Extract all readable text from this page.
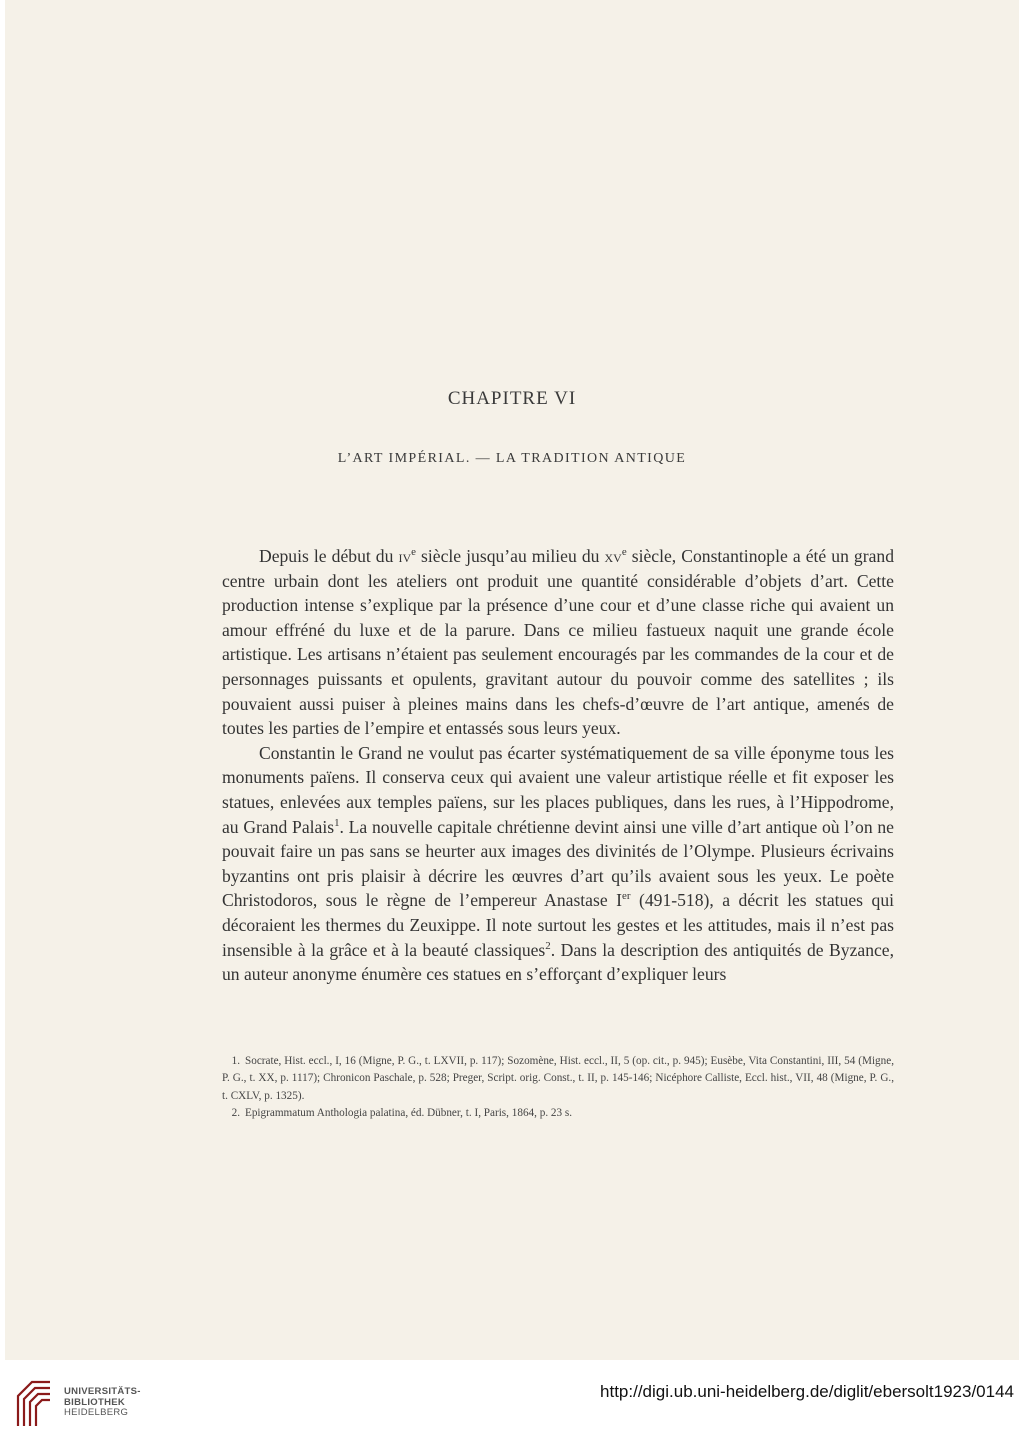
CHAPITRE VI
L’ART IMPÉRIAL. — LA TRADITION ANTIQUE

Depuis le début du $iv^e$ siècle jusqu’au milieu du $xv^e$ siècle, Constantinople a été un grand centre urbain dont les ateliers ont produit une quantité considérable d’objets d’art. Cette production intense s’explique par la présence d’une cour et d’une classe riche qui avaient un amour effréné du luxe et de la parure. Dans ce milieu fastueux naquit une grande école artistique. Les artisans n’étaient pas seulement encouragés par les commandes de la cour et de personnages puissants et opulents, gravitant autour du pouvoir comme des satellites ; ils pouvaient aussi puiser à pleines mains dans les chefs-d’œuvre de l’art antique, amenés de toutes les parties de l’empire et entassés sous leurs yeux.

Constantin le Grand ne voulut pas écarter systématiquement de sa ville éponyme tous les monuments païens. Il conserva ceux qui avaient une valeur artistique réelle et fit exposer les statues, enlevées aux temples païens, sur les places publiques, dans les rues, à l’Hippodrome, au Grand Palais$^1$. La nouvelle capitale chrétienne devint ainsi une ville d’art antique où l’on ne pouvait faire un pas sans se heurter aux images des divinités de l’Olympe. Plusieurs écrivains byzantins ont pris plaisir à décrire les œuvres d’art qu’ils avaient sous les yeux. Le poète Christodoros, sous le règne de l’empereur Anastase Ier (491-518), a décrit les statues qui décoraient les thermes du Zeuxippe. Il note surtout les gestes et les attitudes, mais il n’est pas insensible à la grâce et à la beauté classiques$^2$. Dans la description des antiquités de Byzance, un auteur anonyme énumère ces statues en s’efforçant d’expliquer leurs

1. Socrate, Hist. eccl., I, 16 (Migne, P. G., t. LXVII, p. 117); Sozomène, Hist. eccl., II, 5 (op. cit., p. 945); Eusèbe, Vita Constantini, III, 54 (Migne, P. G., t. XX, p. 1117); Chronicon Paschale, p. 528; Preger, Script. orig. Const., t. II, p. 145-146; Nicéphore Calliste, Eccl. hist., VII, 48 (Migne, P. G., t. CXLV, p. 1325).

2. Epigrammatum Anthologia palatina, éd. Dübner, t. I, Paris, 1864, p. 23 s.

UNIVERSITÄTS-
BIBLIOTHEK
HEIDELBERG
http://digi.ub.uni-heidelberg.de/diglit/ebersolt1923/0144
